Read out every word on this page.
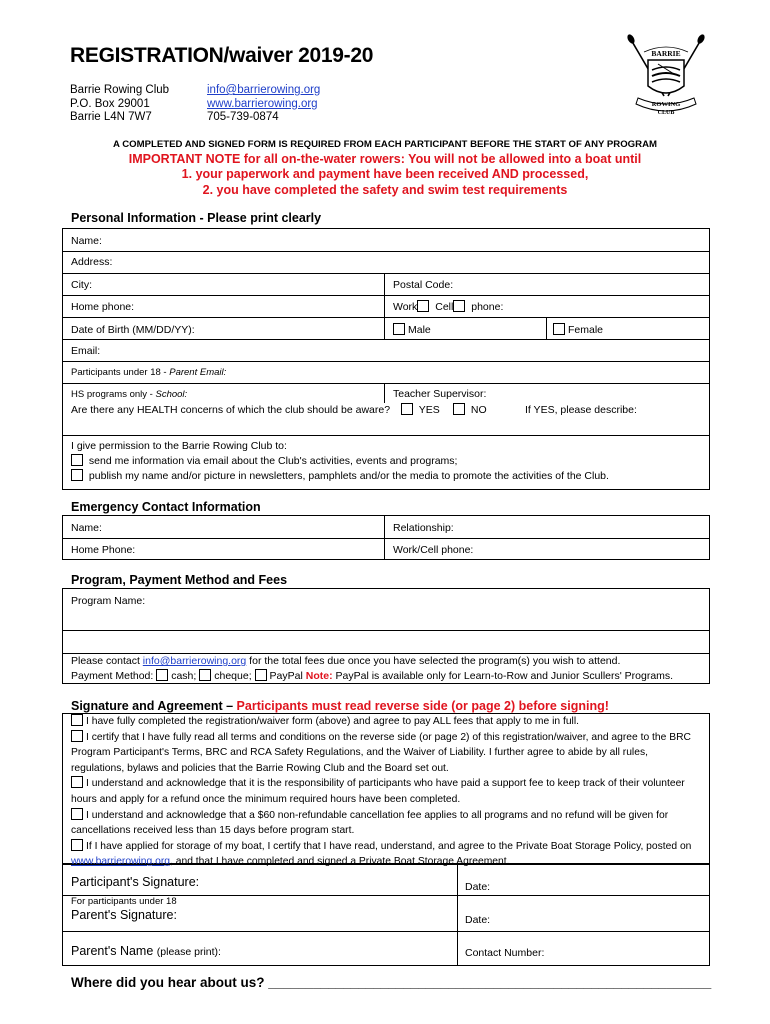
REGISTRATION/waiver 2019-20
Barrie Rowing Club
P.O. Box 29001
Barrie L4N 7W7
info@barrierowing.org
www.barrierowing.org
705-739-0874
BARRIE
ROWING
CLUB
A COMPLETED AND SIGNED FORM IS REQUIRED FROM EACH PARTICIPANT BEFORE THE START OF ANY PROGRAM
IMPORTANT NOTE for all on-the-water rowers: You will not be allowed into a boat until
1. your paperwork and payment have been received AND processed,
2. you have completed the safety and swim test requirements
Personal Information - Please print clearly
Name:
Address:
City:	Postal Code:
Home phone:	Work Cell phone:
Date of Birth (MM/DD/YY):	Male	Female
Email:
Participants under 18 - Parent Email:
HS programs only - School:	Teacher Supervisor:
Are there any HEALTH concerns of which the club should be aware?	YES	NO	If YES, please describe:
I give permission to the Barrie Rowing Club to:
send me information via email about the Club's activities, events and programs;
publish my name and/or picture in newsletters, pamphlets and/or the media to promote the activities of the Club.
Emergency Contact Information
Name:	Relationship:
Home Phone:	Work/Cell phone:
Program, Payment Method and Fees
Program Name:
Please contact info@barrierowing.org for the total fees due once you have selected the program(s) you wish to attend.
Payment Method: cash; cheque; PayPal Note: PayPal is available only for Learn-to-Row and Junior Scullers' Programs.
Signature and Agreement – Participants must read reverse side (or page 2) before signing!
I have fully completed the registration/waiver form (above) and agree to pay ALL fees that apply to me in full.
I certify that I have fully read all terms and conditions on the reverse side (or page 2) of this registration/waiver, and agree to the BRC Program Participant's Terms, BRC and RCA Safety Regulations, and the Waiver of Liability. I further agree to abide by all rules, regulations, bylaws and policies that the Barrie Rowing Club and the Board set out.
I understand and acknowledge that it is the responsibility of participants who have paid a support fee to keep track of their volunteer hours and apply for a refund once the minimum required hours have been completed.
I understand and acknowledge that a $60 non-refundable cancellation fee applies to all programs and no refund will be given for cancellations received less than 15 days before program start.
If I have applied for storage of my boat, I certify that I have read, understand, and agree to the Private Boat Storage Policy, posted on www.barrierowing.org, and that I have completed and signed a Private Boat Storage Agreement.
Participant's Signature:	Date:
For participants under 18
Parent's Signature:	Date:
Parent's Name (please print):	Contact Number:
Where did you hear about us? ___________________________________________________________
